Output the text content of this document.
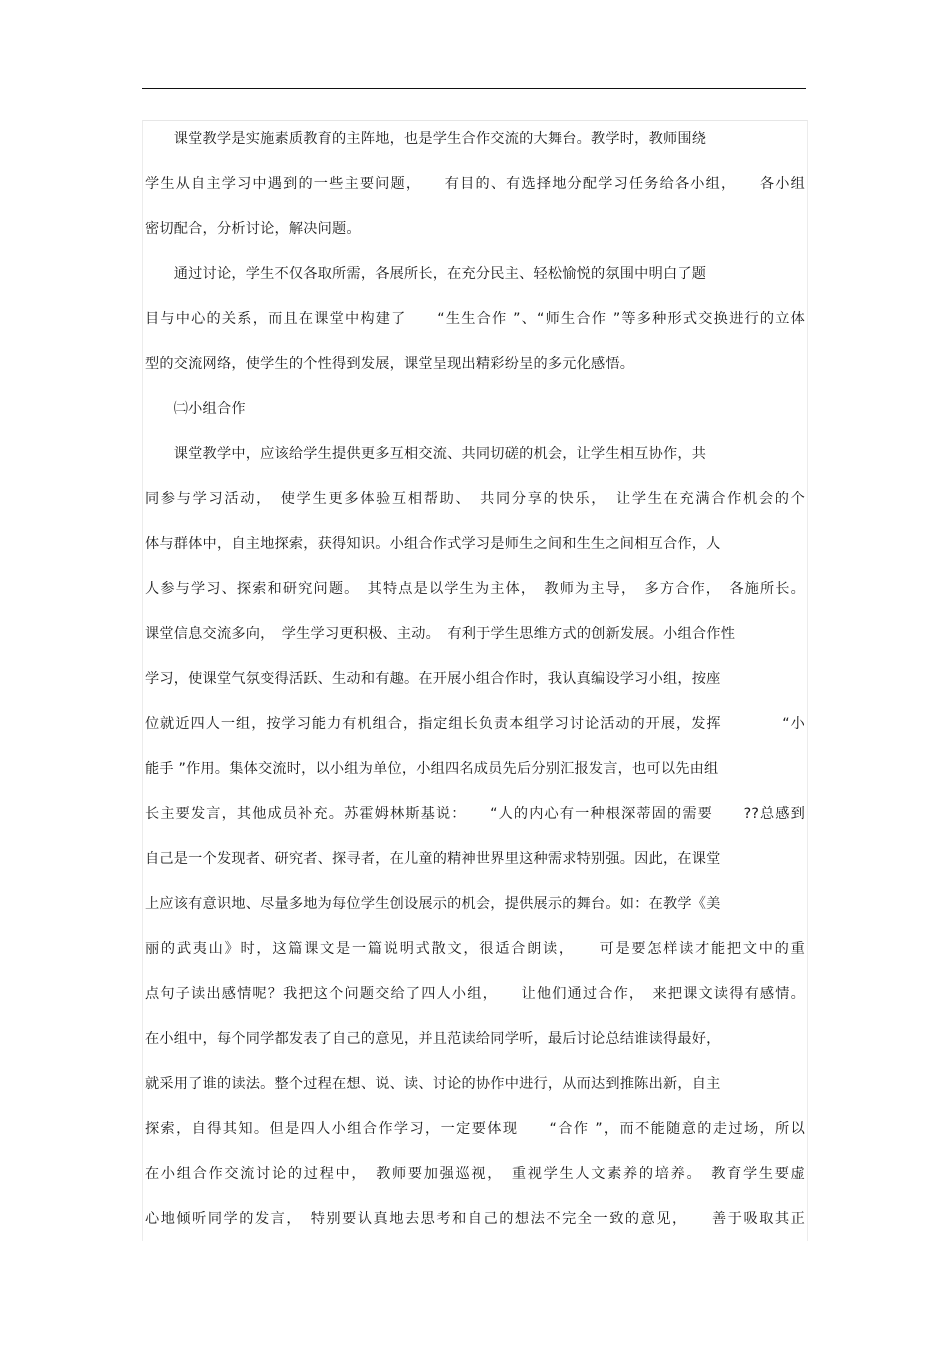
　　课堂教学是实施素质教育的主阵地，也是学生合作交流的大舞台。教学时，教师围绕
学生从自主学习中遇到的一些主要问题，　　有目的、有选择地分配学习任务给各小组，　　各小组
密切配合，分析讨论，解决问题。
　　通过讨论，学生不仅各取所需，各展所长，在充分民主、轻松愉悦的氛围中明白了题
目与中心的关系，而且在课堂中构建了　　“生生合作 ”、“师生合作 ”等多种形式交换进行的立体
型的交流网络，使学生的个性得到发展，课堂呈现出精彩纷呈的多元化感悟。
　　㈡小组合作
　　课堂教学中，应该给学生提供更多互相交流、共同切磋的机会，让学生相互协作，共
同参与学习活动，　使学生更多体验互相帮助、　共同分享的快乐，　让学生在充满合作机会的个
体与群体中，自主地探索，获得知识。小组合作式学习是师生之间和生生之间相互合作，人
人参与学习、探索和研究问题。　其特点是以学生为主体，　教师为主导，　多方合作，　各施所长。
课堂信息交流多向，　学生学习更积极、主动。　有利于学生思维方式的创新发展。小组合作性
学习，使课堂气氛变得活跃、生动和有趣。在开展小组合作时，我认真编设学习小组，按座
位就近四人一组，按学习能力有机组合，指定组长负责本组学习讨论活动的开展，发挥　　　　“小
能手 ”作用。集体交流时，以小组为单位，小组四名成员先后分别汇报发言，也可以先由组
长主要发言，其他成员补充。苏霍姆林斯基说：　　“人的内心有一种根深蒂固的需要　　??总感到
自己是一个发现者、研究者、探寻者，在儿童的精神世界里这种需求特别强。因此，在课堂
上应该有意识地、尽量多地为每位学生创设展示的机会，提供展示的舞台。如：在教学《美
丽的武夷山》时，这篇课文是一篇说明式散文，很适合朗读，　　可是要怎样读才能把文中的重
点句子读出感情呢？我把这个问题交给了四人小组，　　让他们通过合作，　来把课文读得有感情。
在小组中，每个同学都发表了自己的意见，并且范读给同学听，最后讨论总结谁读得最好，
就采用了谁的读法。整个过程在想、说、读、讨论的协作中进行，从而达到推陈出新，自主
探索，自得其知。但是四人小组合作学习，一定要体现　　“合作 ”，而不能随意的走过场，所以
在小组合作交流讨论的过程中，　教师要加强巡视，　重视学生人文素养的培养。　教育学生要虚
心地倾听同学的发言，　特别要认真地去思考和自己的想法不完全一致的意见，　　善于吸取其正
